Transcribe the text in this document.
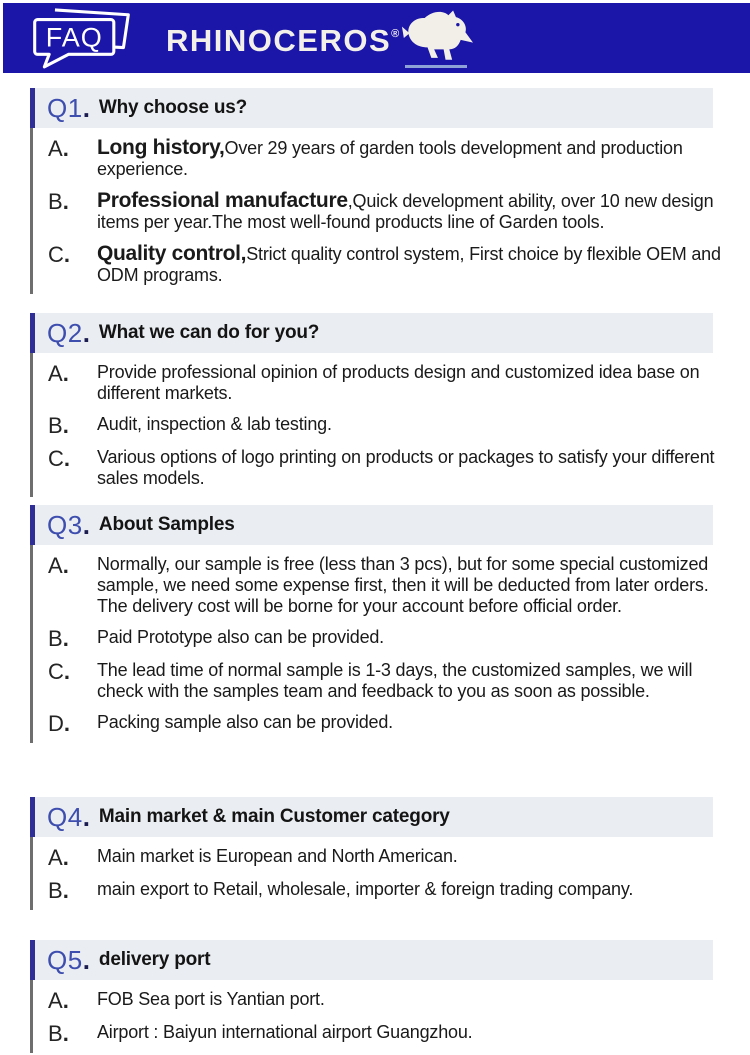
FAQ RHINOCEROS®
Q1 . Why choose us?
A.	Long history,Over 29 years of garden tools development and production experience.
B.	Professional manufacture,Quick development ability, over 10 new design items per year.The most well-found products line of Garden tools.
C.	Quality control,Strict quality control system, First choice by flexible OEM and ODM programs.
Q2 . What we can do for you?
A.	Provide professional opinion of products design and customized idea base on different markets.
B.	Audit, inspection & lab testing.
C.	Various options of logo printing on products or packages to satisfy your different sales models.
Q3 . About Samples
A.	Normally, our sample is free (less than 3 pcs), but for some special customized sample, we need some expense first, then it will be deducted from later orders. The delivery cost will be borne for your account before official order.
B.	Paid Prototype also can be provided.
C.	The lead time of normal sample is 1-3 days, the customized samples, we will check with the samples team and feedback to you as soon as possible.
D.	Packing sample also can be provided.
Q4 . Main market & main Customer category
A.	Main market is European and North American.
B.	main export to Retail, wholesale, importer & foreign trading company.
Q5 . delivery port
A.	FOB Sea port is Yantian port.
B.	Airport : Baiyun international airport Guangzhou.
